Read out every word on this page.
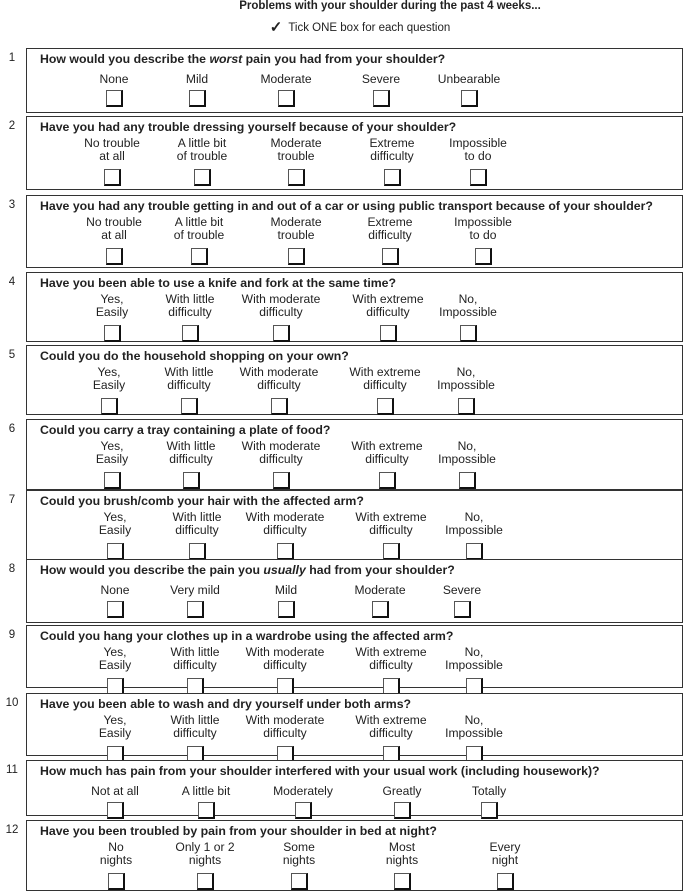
Problems with your shoulder during the past 4 weeks...
✓ Tick ONE box for each question
1	How would you describe the worst pain you had from your shoulder?
None	Mild	Moderate	Severe	Unbearable
2	Have you had any trouble dressing yourself because of your shoulder?
No trouble
at all
A little bit
of trouble
Moderate
trouble
Extreme
difficulty
Impossible
to do
3	Have you had any trouble getting in and out of a car or using public transport because of your shoulder?
No trouble
at all
A little bit
of trouble
Moderate
trouble
Extreme
difficulty
Impossible
to do
4	Have you been able to use a knife and fork at the same time?
Yes,
Easily
With little
difficulty
With moderate
difficulty
With extreme
difficulty
No,
Impossible
5	Could you do the household shopping on your own?
Yes,
Easily
With little
difficulty
With moderate
difficulty
With extreme
difficulty
No,
Impossible
6	Could you carry a tray containing a plate of food?
Yes,
Easily
With little
difficulty
With moderate
difficulty
With extreme
difficulty
No,
Impossible
7	Could you brush/comb your hair with the affected arm?
Yes,
Easily
With little
difficulty
With moderate
difficulty
With extreme
difficulty
No,
Impossible
8	How would you describe the pain you usually had from your shoulder?
None	Very mild	Mild	Moderate	Severe
9	Could you hang your clothes up in a wardrobe using the affected arm?
Yes,
Easily
With little
difficulty
With moderate
difficulty
With extreme
difficulty
No,
Impossible
10 Have you been able to wash and dry yourself under both arms?
Yes,
Easily
With little
difficulty
With moderate
difficulty
With extreme
difficulty
No,
Impossible
11 How much has pain from your shoulder interfered with your usual work (including housework)?
Not at all	A little bit	Moderately	Greatly	Totally
12 Have you been troubled by pain from your shoulder in bed at night?
No
nights
Only 1 or 2
nights
Some
nights
Most
nights
Every
night
